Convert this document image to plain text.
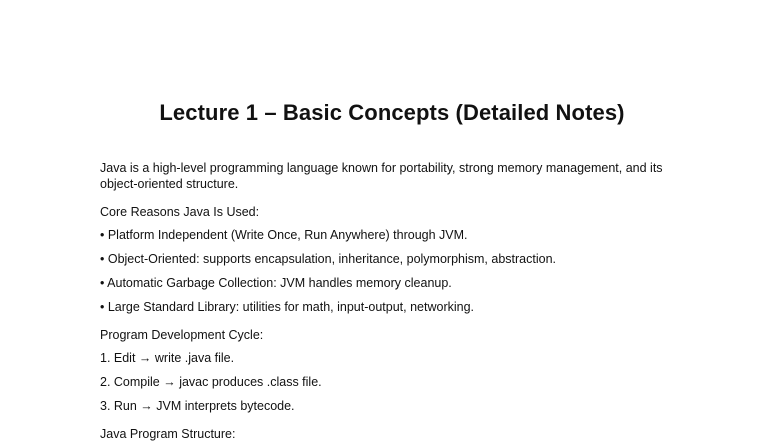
Lecture 1 – Basic Concepts (Detailed Notes)

Java is a high-level programming language known for portability, strong memory management, and its object-oriented structure.

Core Reasons Java Is Used:

• Platform Independent (Write Once, Run Anywhere) through JVM.

• Object-Oriented: supports encapsulation, inheritance, polymorphism, abstraction.

• Automatic Garbage Collection: JVM handles memory cleanup.

• Large Standard Library: utilities for math, input-output, networking.

Program Development Cycle:

1. Edit → write .java file.

2. Compile → javac produces .class file.

3. Run → JVM interprets bytecode.

Java Program Structure:
